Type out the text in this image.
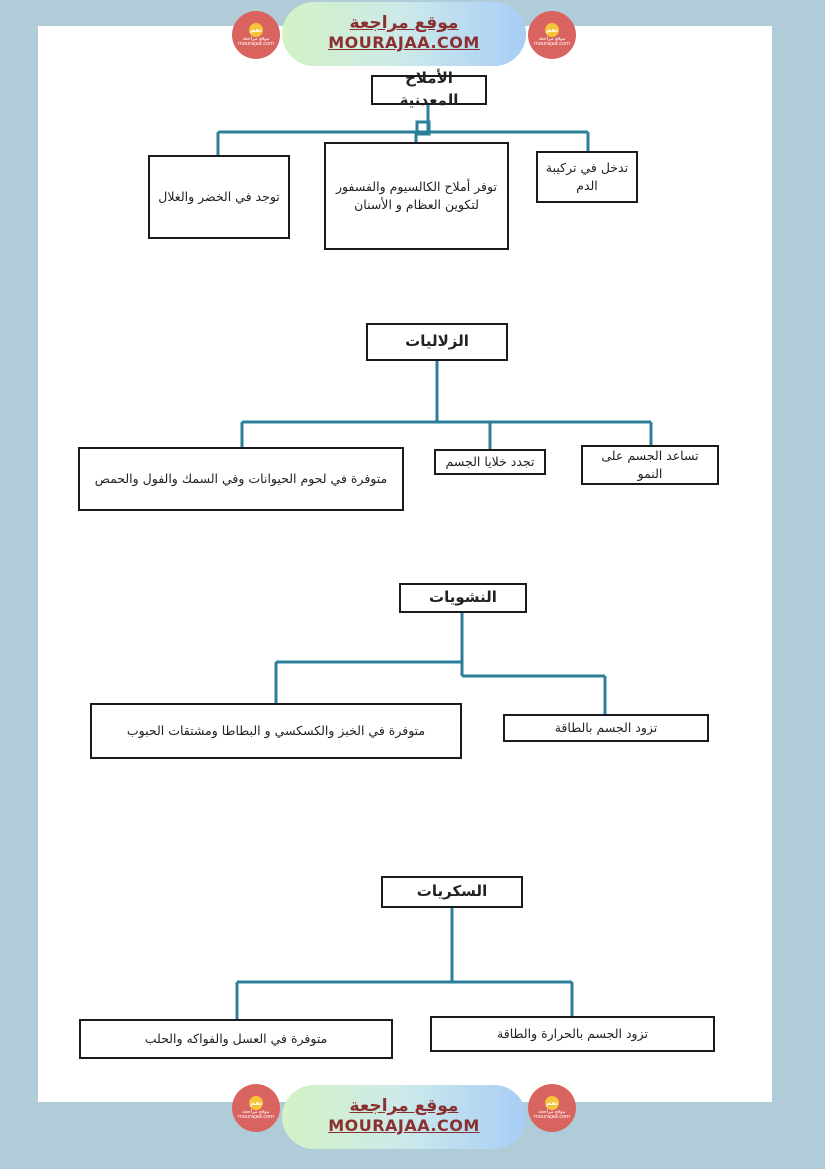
نعم
موقع مراجعة
mourajaa.com
موقع مراجعة
MOURAJAA.COM
نعم
موقع مراجعة
mourajaa.com
نعم
موقع مراجعة
mourajaa.com
موقع مراجعة
MOURAJAA.COM
نعم
موقع مراجعة
mourajaa.com
الأملاح المعدنية
تدخل في تركيبة الدم
توفر أملاح الكالسيوم والفسفور لتكوين العظام و الأسنان
توجد في الخضر والغلال
الزلاليات
تساعد الجسم على النمو
تجدد خلايا الجسم
متوفرة في لحوم الحيوانات وفي السمك والفول والحمص
النشويات
تزود الجسم بالطاقة
متوفرة في الخبز والكسكسي و البطاطا ومشتقات الحبوب
السكريات
تزود الجسم بالحرارة والطاقة
متوفرة في العسل والفواكه والحلب
